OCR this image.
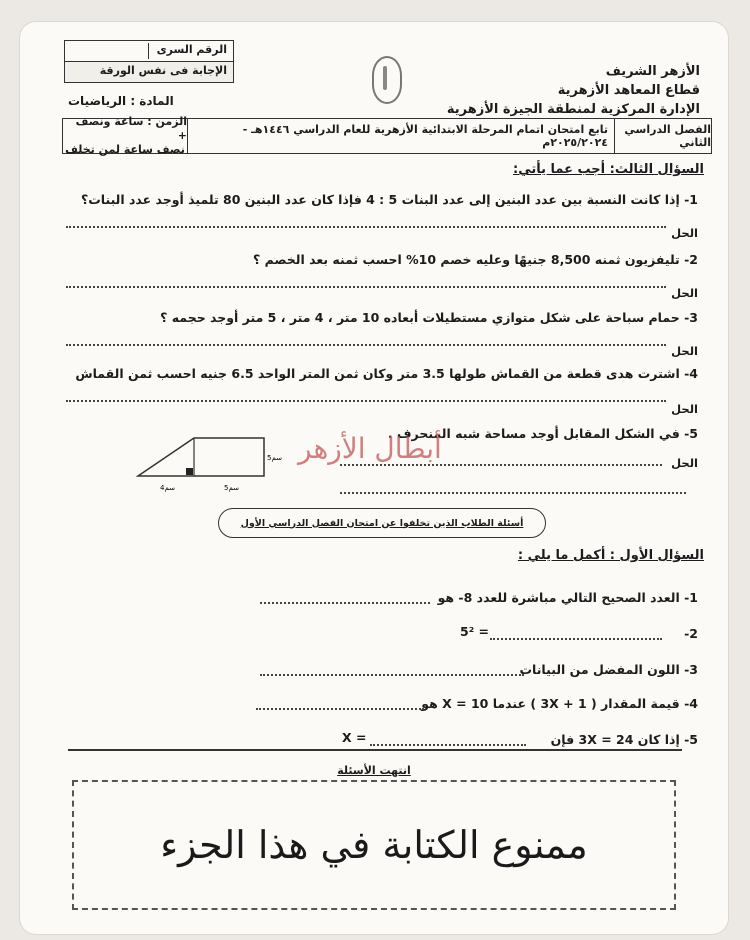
الأزهر الشريف
قطاع المعاهد الأزهرية
الإدارة المركزية لمنطقة الجيزة الأزهرية
الرقم السرى
الإجابة فى نفس الورقة
المادة : الرياضيات
الفصل الدراسي الثاني
تابع امتحان اتمام المرحلة الابتدائية الأزهرية للعام الدراسي ١٤٤٦هـ - ٢٠٢٥/٢٠٢٤م
الزمن : ساعة ونصف +
نصف ساعة لمن تخلف
السؤال الثالث: أجب عما يأتي:
1- إذا كانت النسبة بين عدد البنين إلى عدد البنات 5 : 4 فإذا كان عدد البنين 80 تلميذ أوجد عدد البنات؟
الحل
2- تليفزيون ثمنه 8,500 جنيهًا وعليه خصم 10% احسب ثمنه بعد الخصم ؟
الحل
3- حمام سباحة على شكل متوازي مستطيلات أبعاده 10 متر ، 4 متر ، 5 متر أوجد حجمه ؟
الحل
4- اشترت هدى قطعة من القماش طولها 3.5 متر وكان ثمن المتر الواحد 6.5 جنيه احسب ثمن القماش
الحل
5- في الشكل المقابل أوجد مساحة شبه المنحرف .
الحل
4سم	5سم
5سم أبطال الأزهر
أسئلة الطلاب الذين تخلفوا عن امتحان الفصل الدراسي الأول
السؤال الأول : أكمل ما يلي :
1- العدد الصحيح التالي مباشرة للعدد 8- هو
2-
5² =
3- اللون المفضل من البيانات
4- قيمة المقدار ( 3X + 1 ) عندما X = 10 هو
5- إذا كان 3X = 24 فإن
X =
انتهت الأسئلة
ممنوع الكتابة في هذا الجزء
